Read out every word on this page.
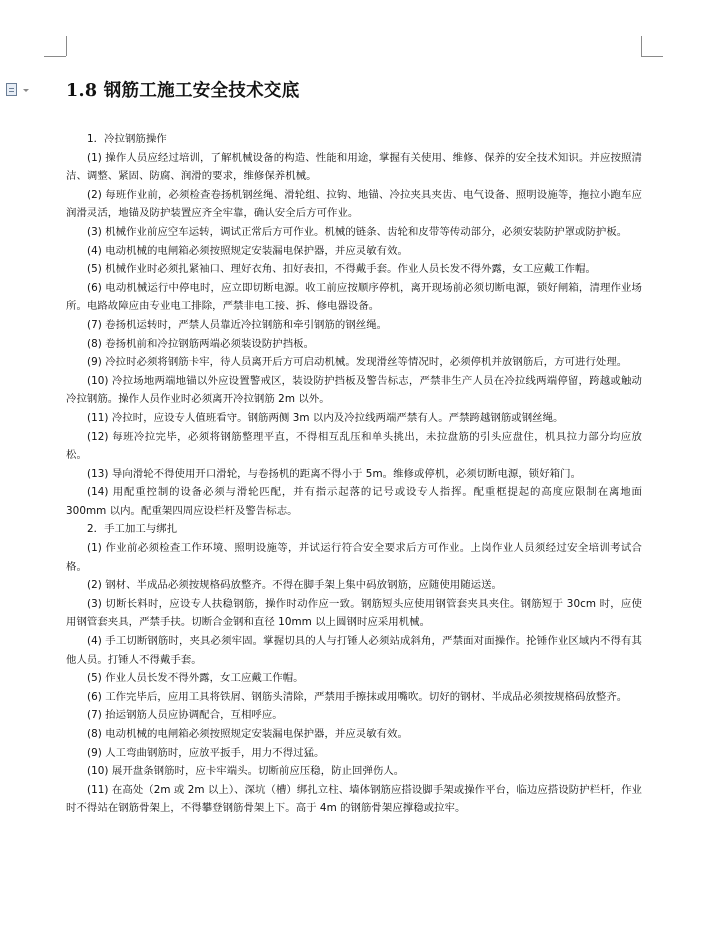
1.8 钢筋工施工安全技术交底

1．冷拉钢筋操作

(1) 操作人员应经过培训，了解机械设备的构造、性能和用途，掌握有关使用、维修、保养的安全技术知识。并应按照清洁、调整、紧固、防腐、润滑的要求，维修保养机械。

(2) 每班作业前，必须检查卷扬机钢丝绳、滑轮组、拉钩、地锚、冷拉夹具夹齿、电气设备、照明设施等，拖拉小跑车应润滑灵活，地锚及防护装置应齐全牢靠，确认安全后方可作业。

(3) 机械作业前应空车运转，调试正常后方可作业。机械的链条、齿轮和皮带等传动部分，必须安装防护罩或防护板。

(4) 电动机械的电闸箱必须按照规定安装漏电保护器，并应灵敏有效。

(5) 机械作业时必须扎紧袖口、理好衣角、扣好表扣，不得戴手套。作业人员长发不得外露，女工应戴工作帽。

(6) 电动机械运行中停电时，应立即切断电源。收工前应按顺序停机，离开现场前必须切断电源，锁好闸箱，清理作业场所。电路故障应由专业电工排除，严禁非电工接、拆、修电器设备。

(7) 卷扬机运转时，严禁人员靠近冷拉钢筋和牵引钢筋的钢丝绳。

(8) 卷扬机前和冷拉钢筋两端必须装设防护挡板。

(9) 冷拉时必须将钢筋卡牢，待人员离开后方可启动机械。发现滑丝等情况时，必须停机并放钢筋后，方可进行处理。

(10) 冷拉场地两端地锚以外应设置警戒区，装设防护挡板及警告标志，严禁非生产人员在冷拉线两端停留，跨越或触动冷拉钢筋。操作人员作业时必须离开冷拉钢筋 2m 以外。

(11) 冷拉时，应设专人值班看守。钢筋两侧 3m 以内及冷拉线两端严禁有人。严禁跨越钢筋或钢丝绳。

(12) 每班冷拉完毕，必须将钢筋整理平直，不得相互乱压和单头挑出，未拉盘筋的引头应盘住，机具拉力部分均应放松。

(13) 导向滑轮不得使用开口滑轮，与卷扬机的距离不得小于 5m。维修或停机，必须切断电源，锁好箱门。

(14) 用配重控制的设备必须与滑轮匹配，并有指示起落的记号或设专人指挥。配重框提起的高度应限制在离地面 300mm 以内。配重架四周应设栏杆及警告标志。

2．手工加工与绑扎

(1) 作业前必须检查工作环境、照明设施等，并试运行符合安全要求后方可作业。上岗作业人员须经过安全培训考试合格。

(2) 钢材、半成品必须按规格码放整齐。不得在脚手架上集中码放钢筋，应随使用随运送。

(3) 切断长料时，应设专人扶稳钢筋，操作时动作应一致。钢筋短头应使用钢管套夹具夹住。钢筋短于 30cm 时，应使用钢管套夹具，严禁手扶。切断合金钢和直径 10mm 以上圆钢时应采用机械。

(4) 手工切断钢筋时，夹具必须牢固。掌握切具的人与打锤人必须站成斜角，严禁面对面操作。抡锤作业区域内不得有其他人员。打锤人不得戴手套。

(5) 作业人员长发不得外露，女工应戴工作帽。

(6) 工作完毕后，应用工具将铁屑、钢筋头清除，严禁用手擦抹或用嘴吹。切好的钢材、半成品必须按规格码放整齐。

(7) 抬运钢筋人员应协调配合，互相呼应。

(8) 电动机械的电闸箱必须按照规定安装漏电保护器，并应灵敏有效。

(9) 人工弯曲钢筋时，应放平扳手，用力不得过猛。

(10) 展开盘条钢筋时，应卡牢端头。切断前应压稳，防止回弹伤人。

(11) 在高处（2m 或 2m 以上）、深坑（槽）绑扎立柱、墙体钢筋应搭设脚手架或操作平台，临边应搭设防护栏杆，作业时不得站在钢筋骨架上，不得攀登钢筋骨架上下。高于 4m 的钢筋骨架应撑稳或拉牢。
